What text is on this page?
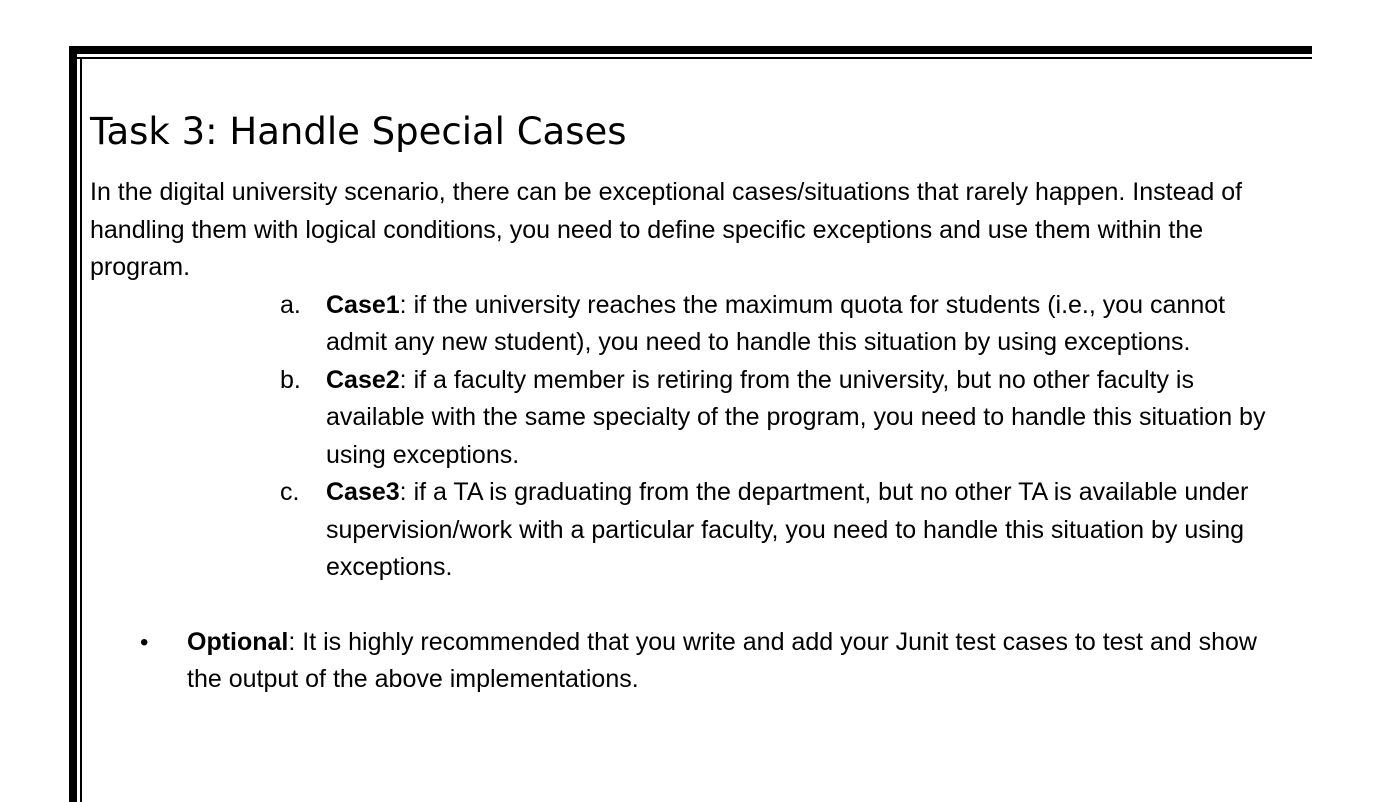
Task 3: Handle Special Cases

In the digital university scenario, there can be exceptional cases/situations that rarely happen. Instead of handling them with logical conditions, you need to define specific exceptions and use them within the program.

a.	Case1: if the university reaches the maximum quota for students (i.e., you cannot admit any new student), you need to handle this situation by using exceptions.
b.	Case2: if a faculty member is retiring from the university, but no other faculty is available with the same specialty of the program, you need to handle this situation by using exceptions.
c.	Case3: if a TA is graduating from the department, but no other TA is available under supervision/work with a particular faculty, you need to handle this situation by using exceptions.
•	Optional: It is highly recommended that you write and add your Junit test cases to test and show the output of the above implementations.
